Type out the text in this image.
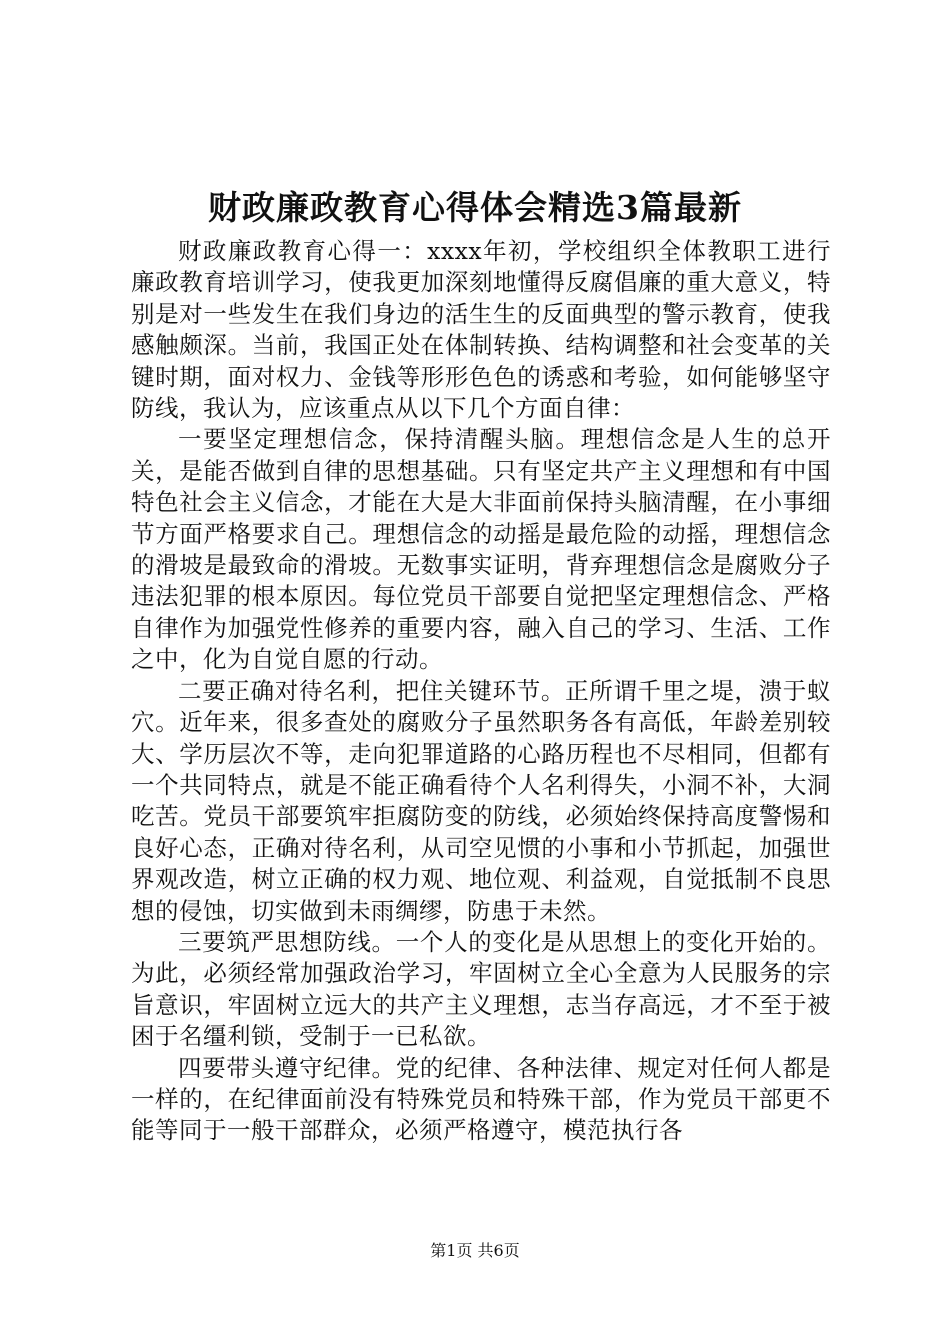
财政廉政教育心得体会精选3篇最新

财政廉政教育心得一：xxxx年初，学校组织全体教职工进行廉政教育培训学习，使我更加深刻地懂得反腐倡廉的重大意义，特别是对一些发生在我们身边的活生生的反面典型的警示教育，使我感触颇深。当前，我国正处在体制转换、结构调整和社会变革的关键时期，面对权力、金钱等形形色色的诱惑和考验，如何能够坚守防线，我认为，应该重点从以下几个方面自律：

一要坚定理想信念，保持清醒头脑。理想信念是人生的总开关，是能否做到自律的思想基础。只有坚定共产主义理想和有中国特色社会主义信念，才能在大是大非面前保持头脑清醒，在小事细节方面严格要求自己。理想信念的动摇是最危险的动摇，理想信念的滑坡是最致命的滑坡。无数事实证明，背弃理想信念是腐败分子违法犯罪的根本原因。每位党员干部要自觉把坚定理想信念、严格自律作为加强党性修养的重要内容，融入自己的学习、生活、工作之中，化为自觉自愿的行动。

二要正确对待名利，把住关键环节。正所谓千里之堤，溃于蚁穴。近年来，很多查处的腐败分子虽然职务各有高低，年龄差别较大、学历层次不等，走向犯罪道路的心路历程也不尽相同，但都有一个共同特点，就是不能正确看待个人名利得失，小洞不补，大洞吃苦。党员干部要筑牢拒腐防变的防线，必须始终保持高度警惕和良好心态，正确对待名利，从司空见惯的小事和小节抓起，加强世界观改造，树立正确的权力观、地位观、利益观，自觉抵制不良思想的侵蚀，切实做到未雨绸缪，防患于未然。

三要筑严思想防线。一个人的变化是从思想上的变化开始的。为此，必须经常加强政治学习，牢固树立全心全意为人民服务的宗旨意识，牢固树立远大的共产主义理想，志当存高远，才不至于被困于名缰利锁，受制于一已私欲。

四要带头遵守纪律。党的纪律、各种法律、规定对任何人都是一样的，在纪律面前没有特殊党员和特殊干部，作为党员干部更不能等同于一般干部群众，必须严格遵守，模范执行各

第1页 共6页
